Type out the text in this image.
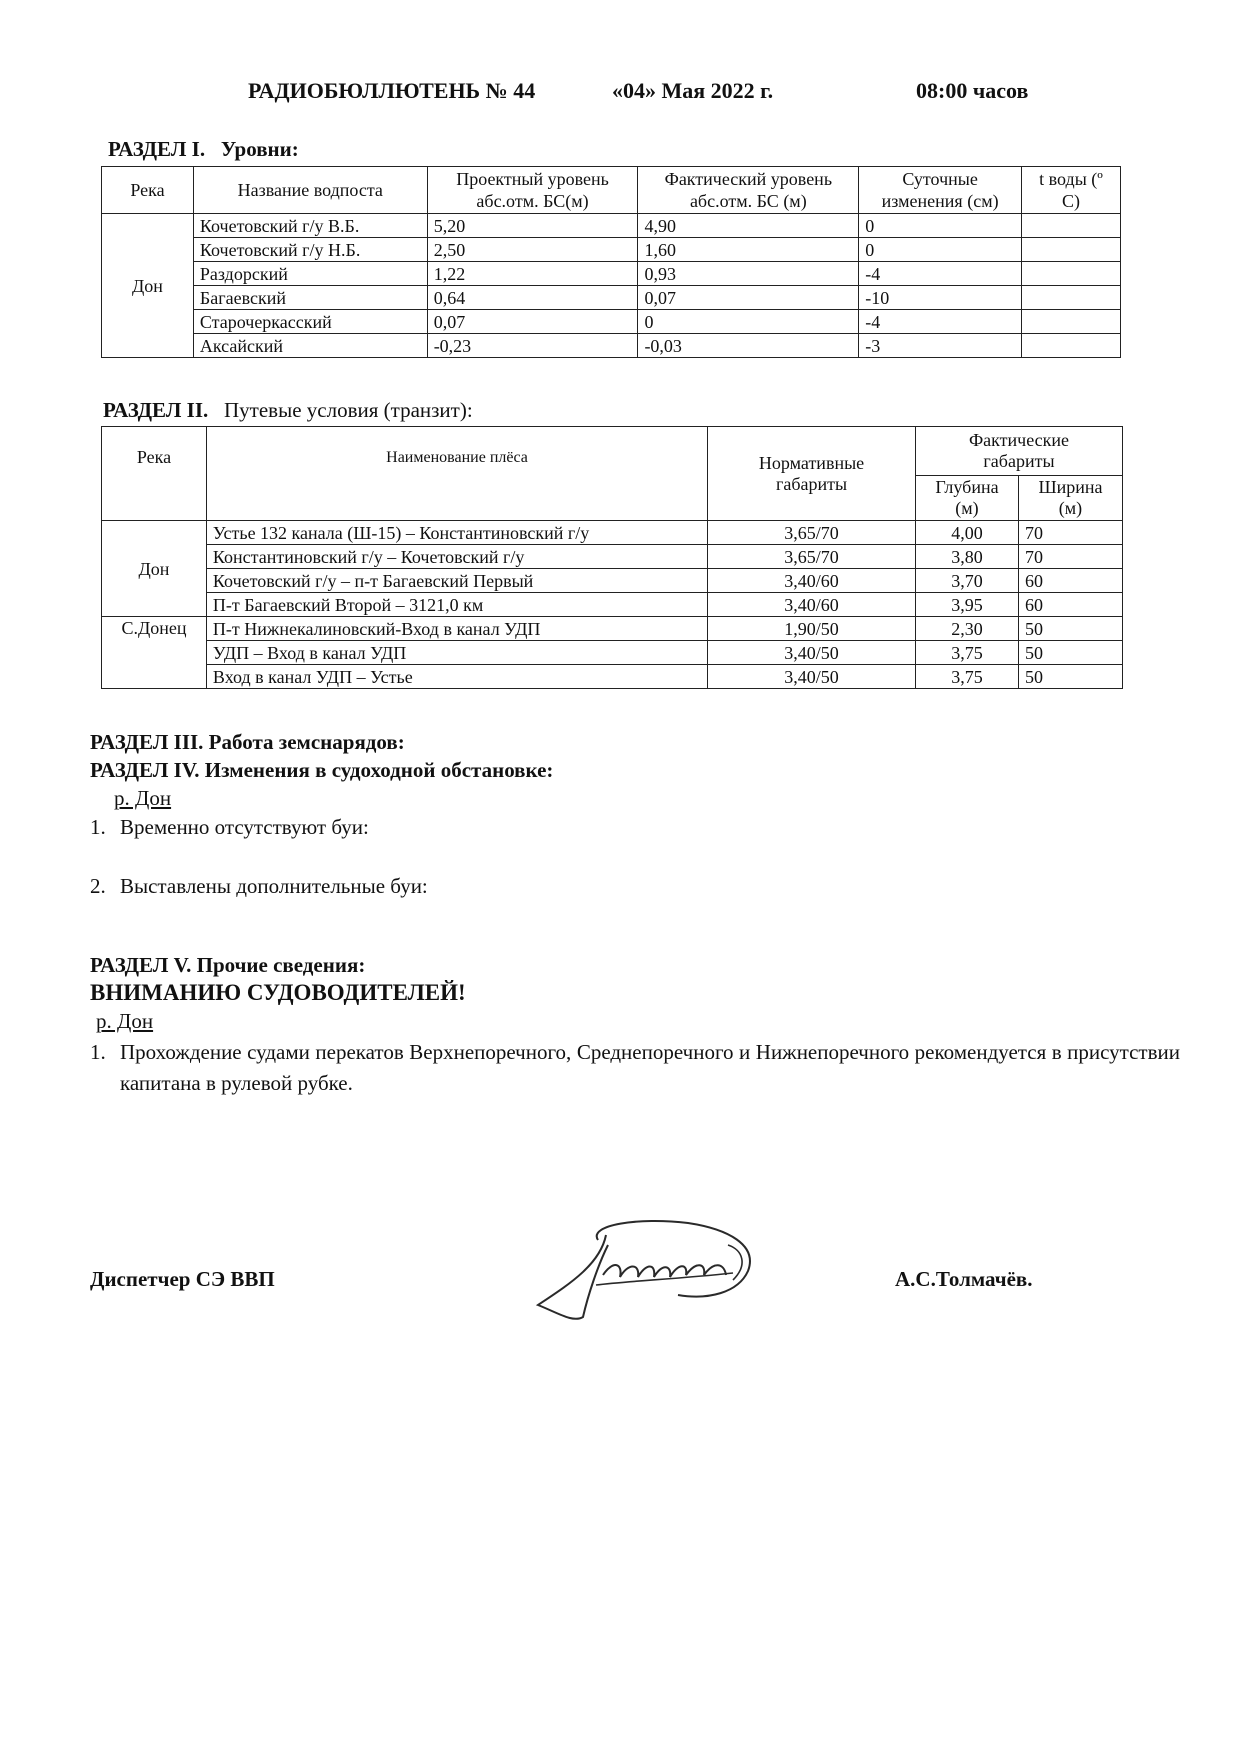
РАДИОБЮЛЛЮТЕНЬ № 44	«04» Мая 2022 г.	08:00 часов
РАЗДЕЛ I. Уровни:
Река	Название водпоста	Проектный уровень абс.отм. БС(м)	Фактический уровень абс.отм. БС (м)	Суточные изменения (см)	t воды (º С)
Дон	Кочетовский г/у В.Б.	5,20	4,90	0	
	Кочетовский г/у Н.Б.	2,50	1,60	0	
	Раздорский	1,22	0,93	-4	
	Багаевский	0,64	0,07	-10	
	Старочеркасский	0,07	0	-4	
	Аксайский	-0,23	-0,03	-3	
РАЗДЕЛ II. Путевые условия (транзит):
Река	Наименование плёса	Нормативные габариты	Фактические габариты	
			Глубина (м)	Ширина (м)
Дон	Устье 132 канала (Ш-15) – Константиновский г/у	3,65/70	4,00	70
	Константиновский г/у – Кочетовский г/у	3,65/70	3,80	70
	Кочетовский г/у – п-т Багаевский Первый	3,40/60	3,70	60
	П-т Багаевский Второй – 3121,0 км	3,40/60	3,95	60
С.Донец	П-т Нижнекалиновский-Вход в канал УДП	1,90/50	2,30	50
	УДП – Вход в канал УДП	3,40/50	3,75	50
	Вход в канал УДП – Устье	3,40/50	3,75	50
РАЗДЕЛ III. Работа земснарядов:
РАЗДЕЛ IV. Изменения в судоходной обстановке:
р. Дон
1. Временно отсутствуют буи:
2. Выставлены дополнительные буи:
РАЗДЕЛ V. Прочие сведения:
ВНИМАНИЮ СУДОВОДИТЕЛЕЙ!
р. Дон
1. Прохождение судами перекатов Верхнепоречного, Среднепоречного и Нижнепоречного рекомендуется в присутствии капитана в рулевой рубке.
Диспетчер СЭ ВВП	А.С.Толмачёв.
